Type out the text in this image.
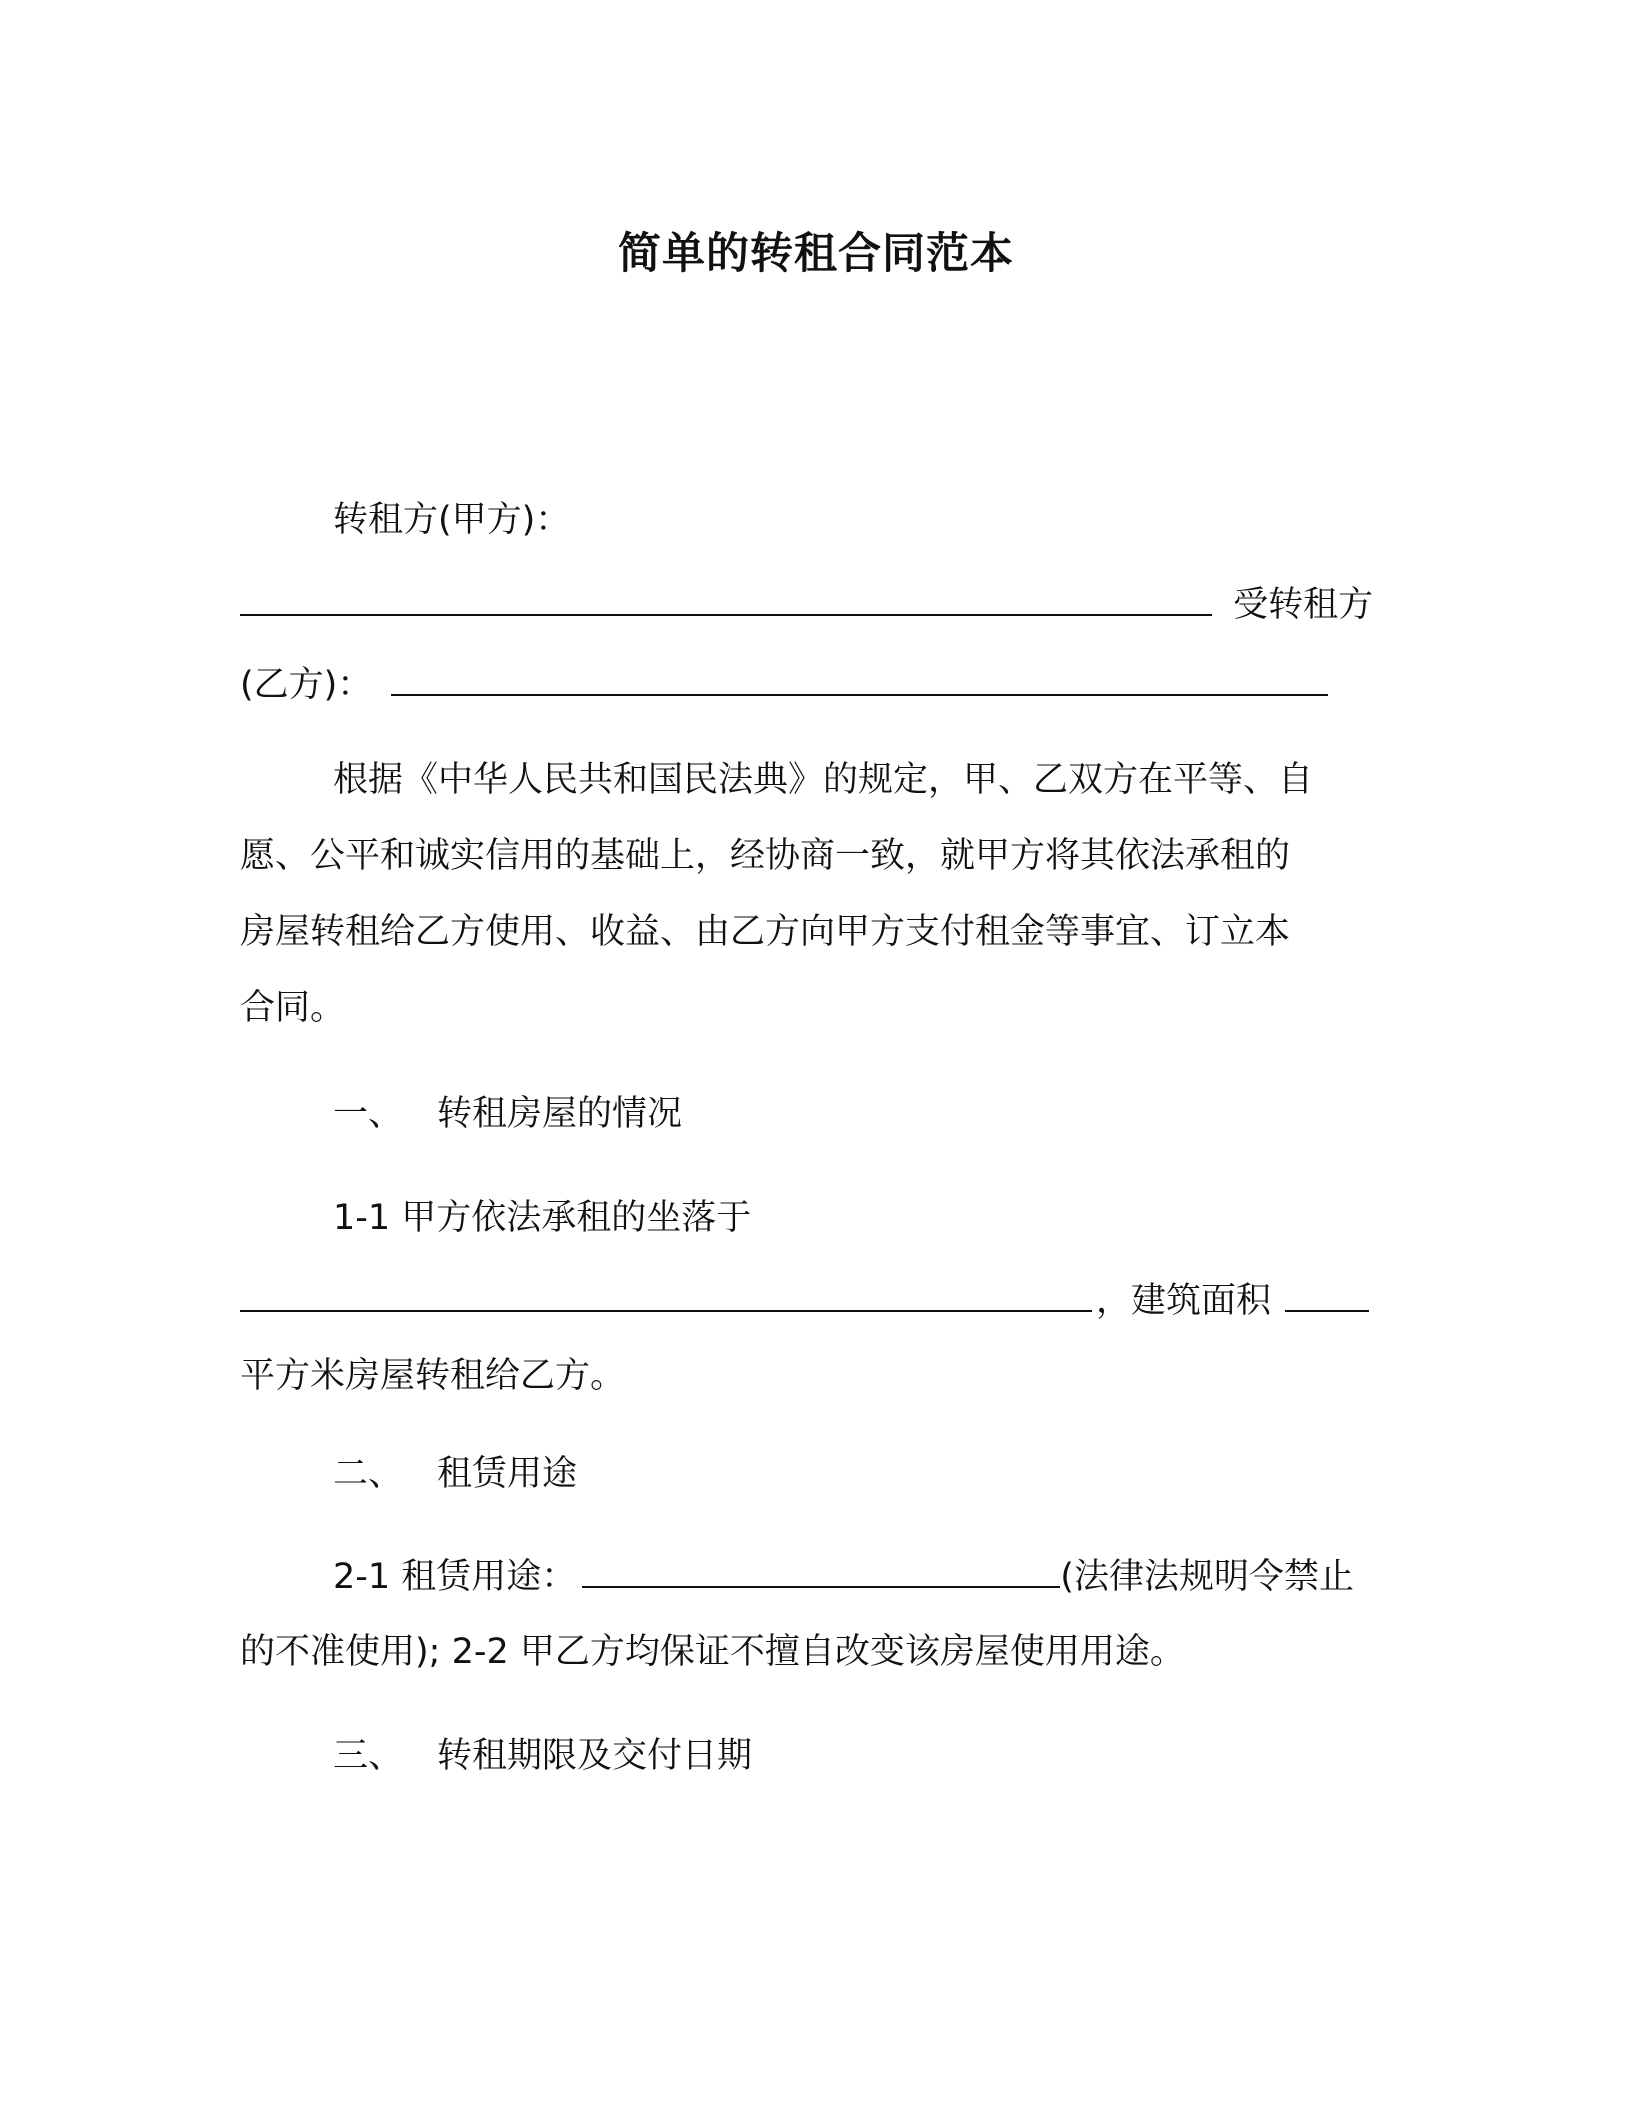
简单的转租合同范本
转租方(甲方)：
受转租方
(乙方)：
根据《中华人民共和国民法典》的规定，甲、乙双方在平等、自
愿、公平和诚实信用的基础上，经协商一致，就甲方将其依法承租的
房屋转租给乙方使用、收益、由乙方向甲方支付租金等事宜、订立本
合同。
一、 转租房屋的情况
1-1 甲方依法承租的坐落于
，建筑面积
平方米房屋转租给乙方。
二、 租赁用途
2-1 租赁用途：	(法律法规明令禁止
的不准使用); 2-2 甲乙方均保证不擅自改变该房屋使用用途。
三、 转租期限及交付日期
